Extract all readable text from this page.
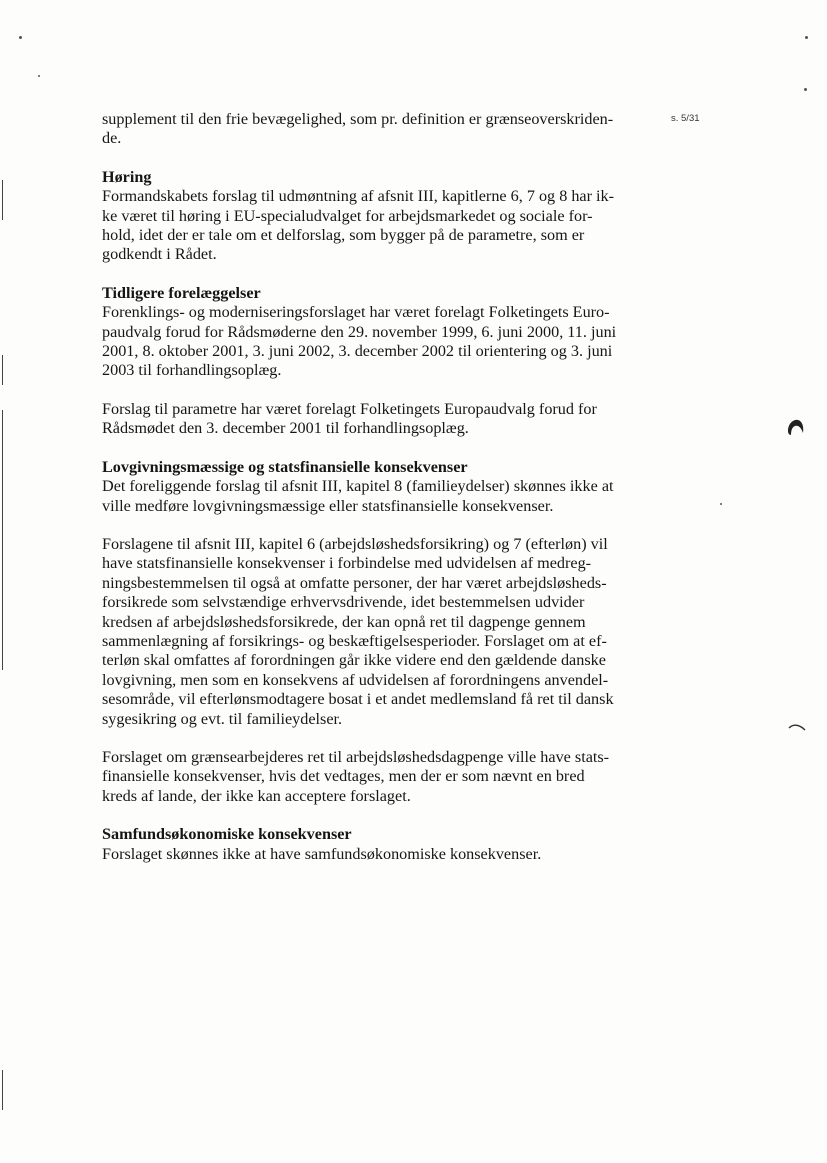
s. 5/31
supplement til den frie bevægelighed, som pr. definition er grænseoverskriden-
de.
Høring
Formandskabets forslag til udmøntning af afsnit III, kapitlerne 6, 7 og 8 har ik-
ke været til høring i EU-specialudvalget for arbejdsmarkedet og sociale for-
hold, idet der er tale om et delforslag, som bygger på de parametre, som er
godkendt i Rådet.
Tidligere forelæggelser
Forenklings- og moderniseringsforslaget har været forelagt Folketingets Euro-
paudvalg forud for Rådsmøderne den 29. november 1999, 6. juni 2000, 11. juni
2001, 8. oktober 2001, 3. juni 2002, 3. december 2002 til orientering og 3. juni
2003 til forhandlingsoplæg.
Forslag til parametre har været forelagt Folketingets Europaudvalg forud for
Rådsmødet den 3. december 2001 til forhandlingsoplæg.
Lovgivningsmæssige og statsfinansielle konsekvenser
Det foreliggende forslag til afsnit III, kapitel 8 (familieydelser) skønnes ikke at
ville medføre lovgivningsmæssige eller statsfinansielle konsekvenser.
Forslagene til afsnit III, kapitel 6 (arbejdsløshedsforsikring) og 7 (efterløn) vil
have statsfinansielle konsekvenser i forbindelse med udvidelsen af medreg-
ningsbestemmelsen til også at omfatte personer, der har været arbejdsløsheds-
forsikrede som selvstændige erhvervsdrivende, idet bestemmelsen udvider
kredsen af arbejdsløshedsforsikrede, der kan opnå ret til dagpenge gennem
sammenlægning af forsikrings- og beskæftigelsesperioder. Forslaget om at ef-
terløn skal omfattes af forordningen går ikke videre end den gældende danske
lovgivning, men som en konsekvens af udvidelsen af forordningens anvendel-
sesområde, vil efterlønsmodtagere bosat i et andet medlemsland få ret til dansk
sygesikring og evt. til familieydelser.
Forslaget om grænsearbejderes ret til arbejdsløshedsdagpenge ville have stats-
finansielle konsekvenser, hvis det vedtages, men der er som nævnt en bred
kreds af lande, der ikke kan acceptere forslaget.
Samfundsøkonomiske konsekvenser
Forslaget skønnes ikke at have samfundsøkonomiske konsekvenser.
